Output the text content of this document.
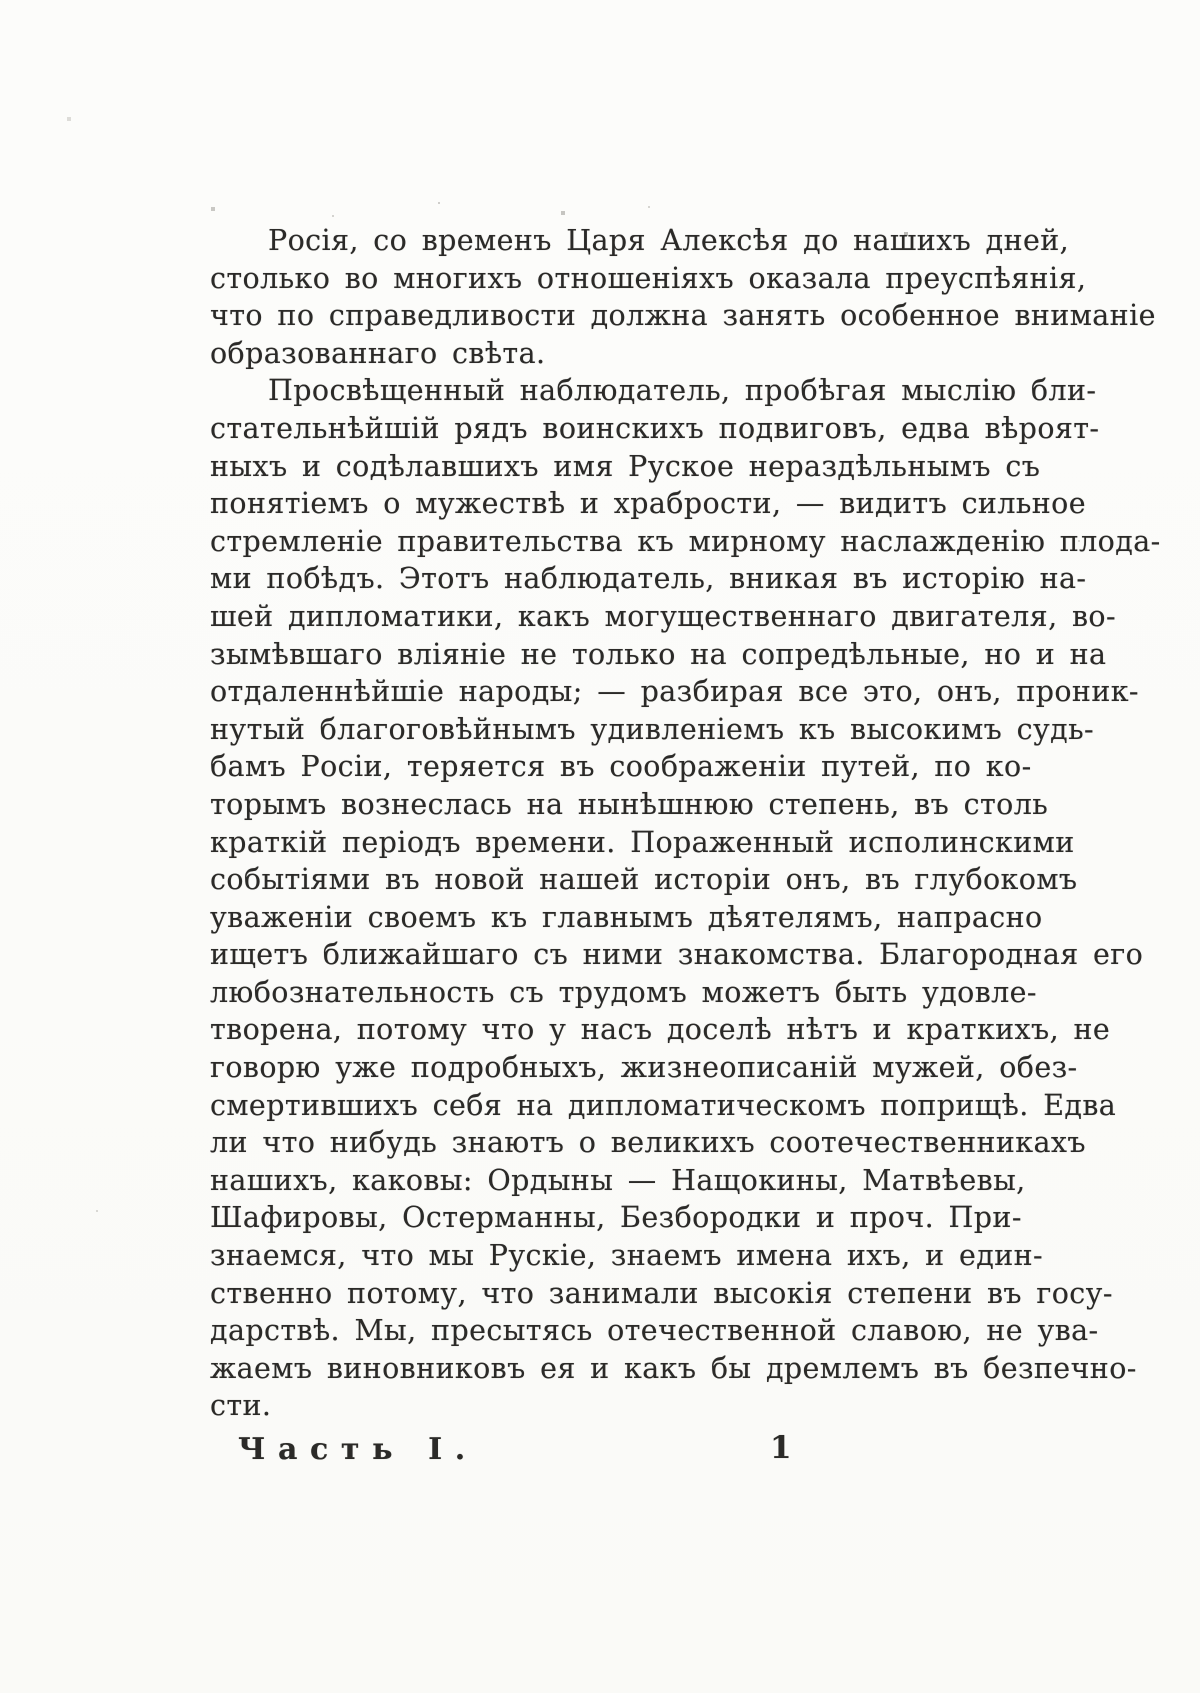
Росія, со временъ Царя Алексѣя до нашихъ дней,
столько во многихъ отношеніяхъ оказала преуспѣянія,
что по справедливости должна занять особенное вниманіе
образованнаго свѣта.
Просвѣщенный наблюдатель, пробѣгая мыслію бли-
стательнѣйшій рядъ воинскихъ подвиговъ, едва вѣроят-
ныхъ и содѣлавшихъ имя Руское нераздѣльнымъ съ
понятіемъ о мужествѣ и храбрости, — видитъ сильное
стремленіе правительства къ мирному наслажденію плода-
ми побѣдъ. Этотъ наблюдатель, вникая въ исторію на-
шей дипломатики, какъ могущественнаго двигателя, во-
зымѣвшаго вліяніе не только на сопредѣльные, но и на
отдаленнѣйшіе народы; — разбирая все это, онъ, проник-
нутый благоговѣйнымъ удивленіемъ къ высокимъ судь-
бамъ Росіи, теряется въ соображеніи путей, по ко-
торымъ вознеслась на нынѣшнюю степень, въ столь
краткій періодъ времени. Пораженный исполинскими
событіями въ новой нашей исторіи онъ, въ глубокомъ
уваженіи своемъ къ главнымъ дѣятелямъ, напрасно
ищетъ ближайшаго съ ними знакомства. Благородная его
любознательность съ трудомъ можетъ быть удовле-
творена, потому что у насъ доселѣ нѣтъ и краткихъ, не
говорю уже подробныхъ, жизнеописаній мужей, обез-
смертившихъ себя на дипломатическомъ поприщѣ. Едва
ли что нибудь знаютъ о великихъ соотечественникахъ
нашихъ, каковы: Ордыны — Нащокины, Матвѣевы,
Шафировы, Остерманны, Безбородки и проч. При-
знаемся, что мы Рускіе, знаемъ имена ихъ, и един-
ственно потому, что занимали высокія степени въ госу-
дарствѣ. Мы, пресытясь отечественной славою, не ува-
жаемъ виновниковъ ея и какъ бы дремлемъ въ безпечно-
сти.
Часть I.	1
